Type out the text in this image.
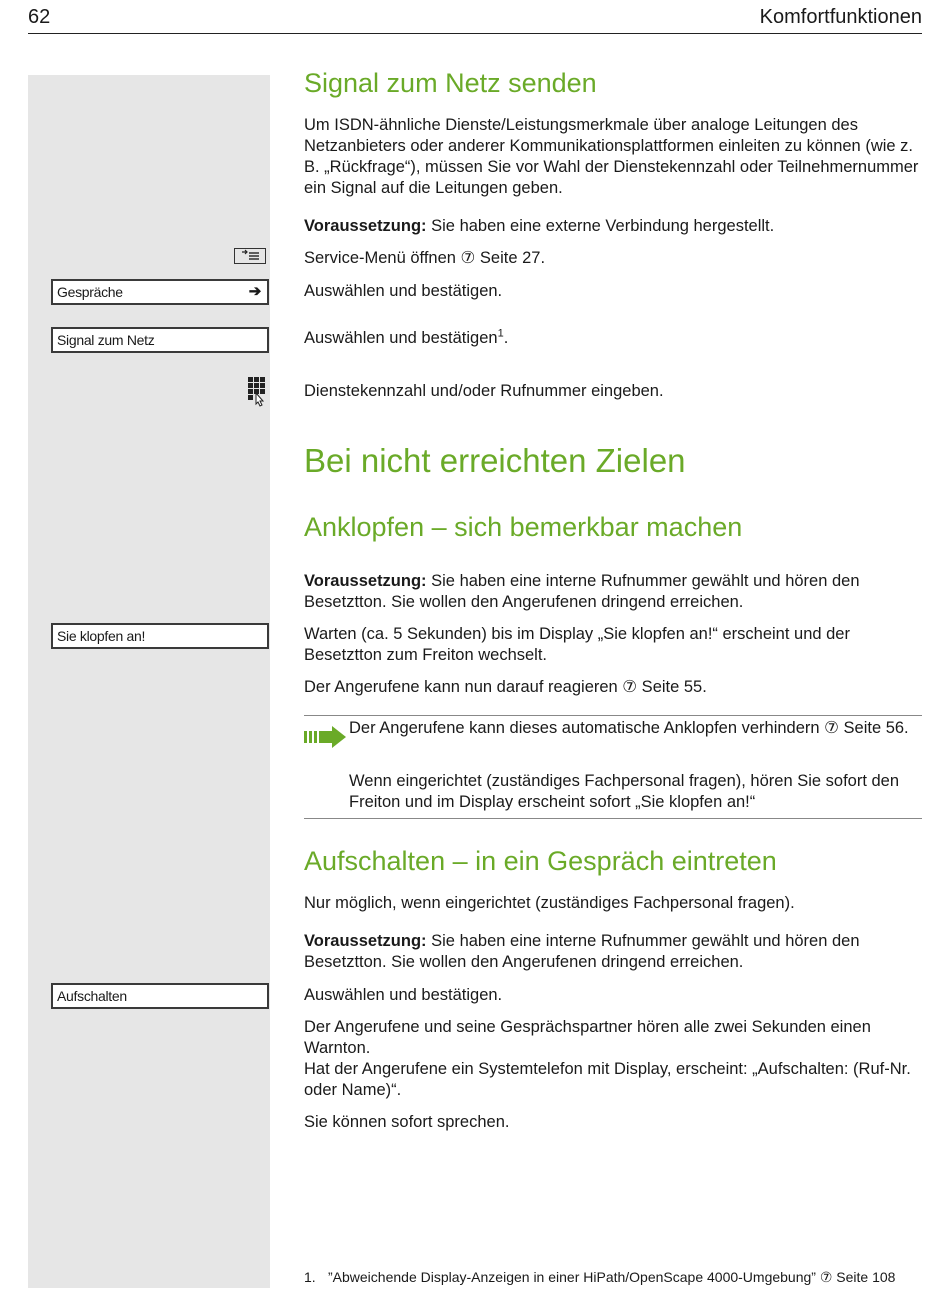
62	Komfortfunktionen
Gespräche	➔
Signal zum Netz
Sie klopfen an!
Aufschalten
Signal zum Netz senden
Um ISDN-ähnliche Dienste/Leistungsmerkmale über analoge Leitungen des Netzanbieters oder anderer Kommunikationsplattformen einleiten zu können (wie z. B. „Rückfrage“), müssen Sie vor Wahl der Dienstekennzahl oder Teilnehmernummer ein Signal auf die Leitungen geben.
Voraussetzung: Sie haben eine externe Verbindung hergestellt.
Service-Menü öffnen ⑦ Seite 27.
Auswählen und bestätigen.
Auswählen und bestätigen$^1$.
Dienstekennzahl und/oder Rufnummer eingeben.
Bei nicht erreichten Zielen
Anklopfen – sich bemerkbar machen
Voraussetzung: Sie haben eine interne Rufnummer gewählt und hören den Besetztton. Sie wollen den Angerufenen dringend erreichen.
Warten (ca. 5 Sekunden) bis im Display „Sie klopfen an!“ erscheint und der Besetztton zum Freiton wechselt.
Der Angerufene kann nun darauf reagieren ⑦ Seite 55.
Der Angerufene kann dieses automatische Anklopfen verhindern ⑦ Seite 56.
Wenn eingerichtet (zuständiges Fachpersonal fragen), hören Sie sofort den Freiton und im Display erscheint sofort „Sie klopfen an!“
Aufschalten – in ein Gespräch eintreten
Nur möglich, wenn eingerichtet (zuständiges Fachpersonal fragen).
Voraussetzung: Sie haben eine interne Rufnummer gewählt und hören den Besetztton. Sie wollen den Angerufenen dringend erreichen.
Auswählen und bestätigen.
Der Angerufene und seine Gesprächspartner hören alle zwei Sekunden einen Warnton.
Hat der Angerufene ein Systemtelefon mit Display, erscheint: „Aufschalten: (Ruf-Nr. oder Name)“.
Sie können sofort sprechen.
1. ”Abweichende Display-Anzeigen in einer HiPath/OpenScape 4000-Umgebung” ⑦ Seite 108
